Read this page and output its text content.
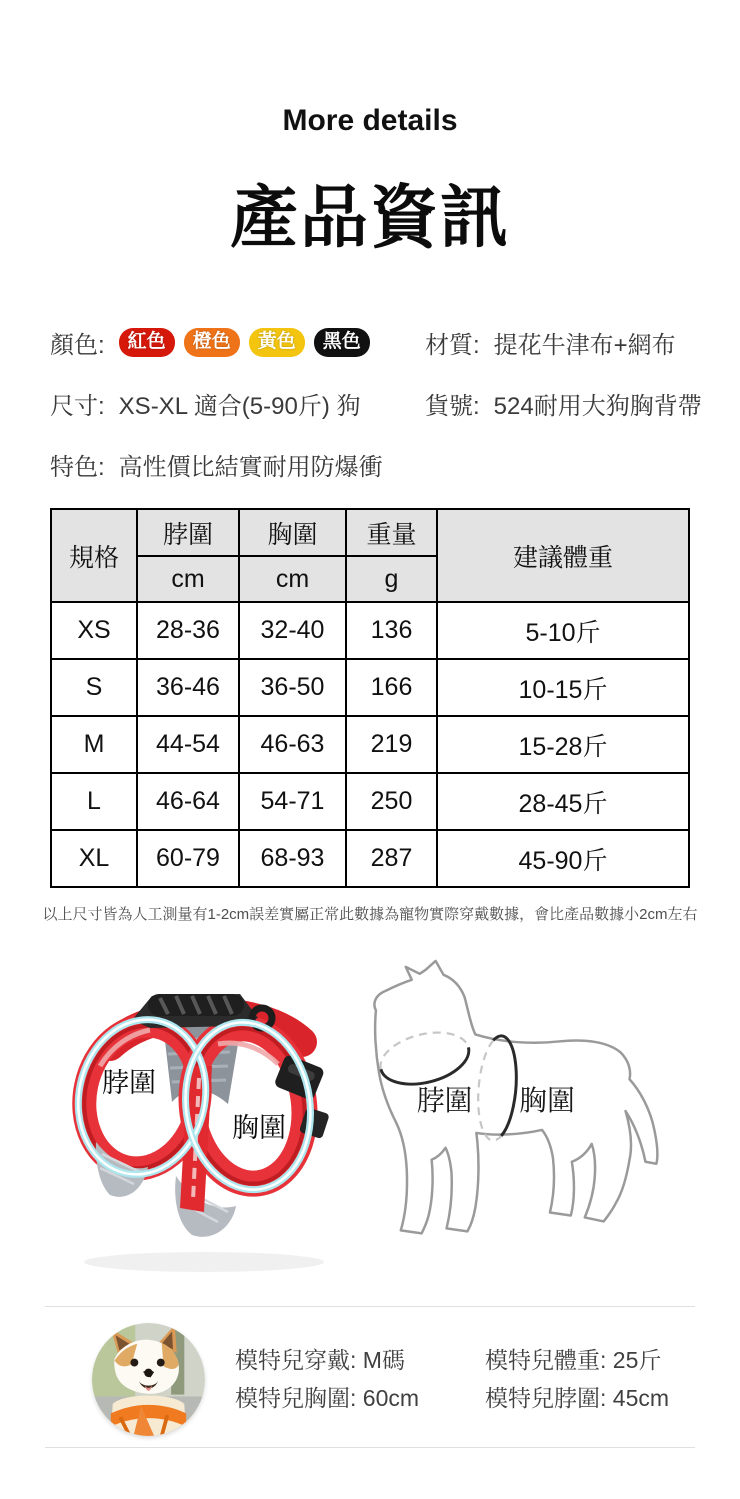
More details
產品資訊
顏色:	紅色	橙色	黃色	黑色	材質: 提花牛津布+網布
尺寸: XS-XL 適合(5-90斤) 狗	貨號: 524耐用大狗胸背帶
特色: 高性價比結實耐用防爆衝
規格	脖圍	胸圍	重量	建議體重
	cm	cm	g	
XS	28-36	32-40	136	5-10斤
S	36-46	36-50	166	10-15斤
M	44-54	46-63	219	15-28斤
L	46-64	54-71	250	28-45斤
XL	60-79	68-93	287	45-90斤
以上尺寸皆為人工測量有1-2cm誤差實屬正常此數據為寵物實際穿戴數據，會比產品數據小2cm左右
脖圍
胸圍
脖圍 胸圍
模特兒穿戴: M碼
模特兒胸圍: 60cm
模特兒體重: 25斤
模特兒脖圍: 45cm
